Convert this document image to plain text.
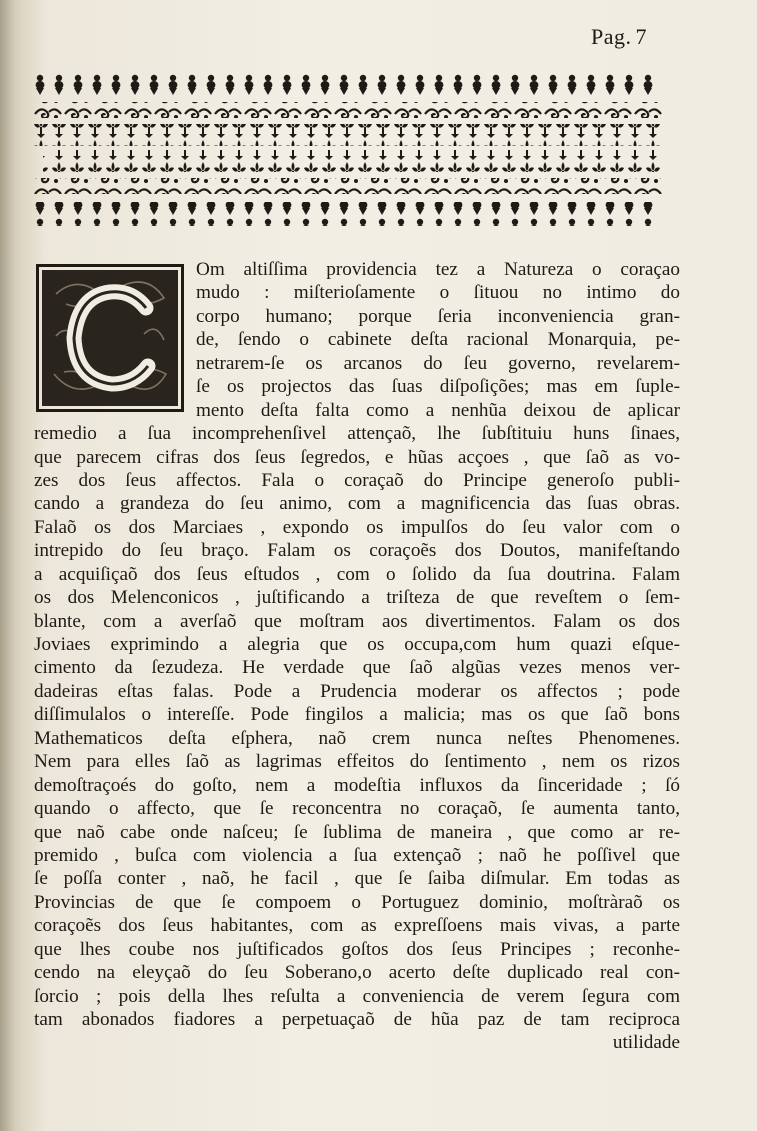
Pag. 7
Om altiſſima providencia tez a Natureza o coraçao
mudo : miſterioſamente o ſituou no intimo do
corpo humano; porque ſeria inconveniencia gran-
de, ſendo o cabinete deſta racional Monarquia, pe-
netrarem-ſe os arcanos do ſeu governo, revelarem-
ſe os projectos das ſuas diſpoſições; mas em ſuple-
mento deſta falta como a nenhũa deixou de aplicar
remedio a ſua incomprehenſivel attençaõ, lhe ſubſtituiu huns ſinaes,
que parecem cifras dos ſeus ſegredos, e hũas acçoes , que ſaõ as vo-
zes dos ſeus affectos. Fala o coraçaõ do Principe generoſo publi-
cando a grandeza do ſeu animo, com a magnificencia das ſuas obras.
Falaõ os dos Marciaes , expondo os impulſos do ſeu valor com o
intrepido do ſeu braço. Falam os coraçoẽs dos Doutos, manifeſtando
a acquiſiçaõ dos ſeus eſtudos , com o ſolido da ſua doutrina. Falam
os dos Melenconicos , juſtificando a triſteza de que reveſtem o ſem-
blante, com a averſaõ que moſtram aos divertimentos. Falam os dos
Joviaes exprimindo a alegria que os occupa,com hum quazi eſque-
cimento da ſezudeza. He verdade que ſaõ algũas vezes menos ver-
dadeiras eſtas falas. Pode a Prudencia moderar os affectos ; pode
diſſimulalos o intereſſe. Pode fingilos a malicia; mas os que ſaõ bons
Mathematicos deſta eſphera, naõ crem nunca neſtes Phenomenes.
Nem para elles ſaõ as lagrimas effeitos do ſentimento , nem os rizos
demoſtraçoés do goſto, nem a modeſtia influxos da ſinceridade ; ſó
quando o affecto, que ſe reconcentra no coraçaõ, ſe aumenta tanto,
que naõ cabe onde naſceu; ſe ſublima de maneira , que como ar re-
premido , buſca com violencia a ſua extençaõ ; naõ he poſſivel que
ſe poſſa conter , naõ, he facil , que ſe ſaiba diſmular. Em todas as
Provincias de que ſe compoem o Portuguez dominio, moſtràraõ os
coraçoẽs dos ſeus habitantes, com as expreſſoens mais vivas, a parte
que lhes coube nos juſtificados goſtos dos ſeus Principes ; reconhe-
cendo na eleyçaõ do ſeu Soberano,o acerto deſte duplicado real con-
ſorcio ; pois della lhes reſulta a conveniencia de verem ſegura com
tam abonados fiadores a perpetuaçaõ de hũa paz de tam reciproca
utilidade
